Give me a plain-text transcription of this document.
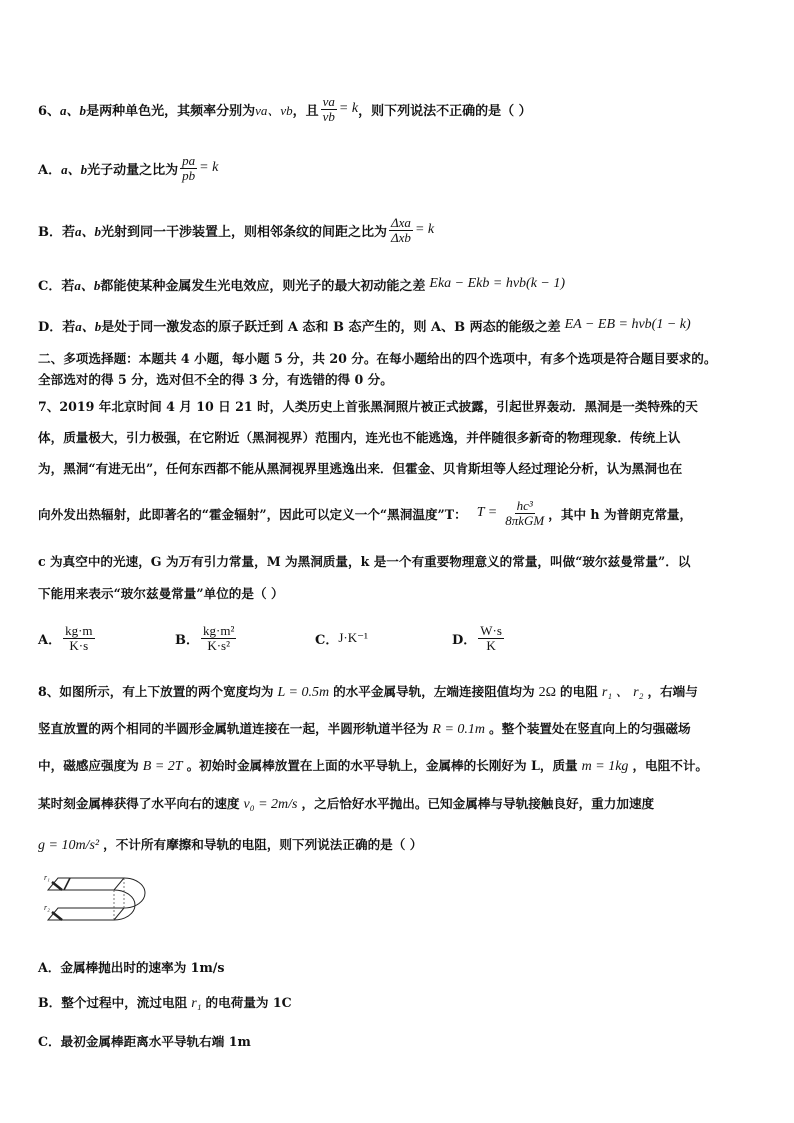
6、 a、b 是两种单色光，其频率分别为 νa、νb ，且 $\frac{\nu a}{\nu b} = k$ ，则下列说法不正确的是（ ）
A． a、b 光子动量之比为 $\frac{pa}{pb} = k$
B．若 a、b 光射到同一干涉装置上，则相邻条纹的间距之比为 $\frac{\text{Δxa}}{\text{Δxb}} = k$
C．若 a、b 都能使某种金属发生光电效应，则光子的最大初动能之差 Eka − Ekb = hνb(k − 1)
D．若 a、b 是处于同一激发态的原子跃迁到 A 态和 B 态产生的，则 A、B 两态的能级之差 EA − EB = hνb(1 − k)
二、多项选择题：本题共 4 小题，每小题 5 分，共 20 分。在每小题给出的四个选项中，有多个选项是符合题目要求的。
全部选对的得 5 分，选对但不全的得 3 分，有选错的得 0 分。
7、2019 年北京时间 4 月 10 日 21 时，人类历史上首张黑洞照片被正式披露，引起世界轰动．黑洞是一类特殊的天
体，质量极大，引力极强，在它附近（黑洞视界）范围内，连光也不能逃逸，并伴随很多新奇的物理现象．传统上认
为，黑洞“有进无出”，任何东西都不能从黑洞视界里逃逸出来．但霍金、贝肯斯坦等人经过理论分析，认为黑洞也在
向外发出热辐射，此即著名的“霍金辐射”，因此可以定义一个“黑洞温度”T： $T = \frac{\text{hc³}}{\text{8πkGM}}$ ，其中 h 为普朗克常量，
c 为真空中的光速，G 为万有引力常量，M 为黑洞质量，k 是一个有重要物理意义的常量，叫做“玻尔兹曼常量”．以
下能用来表示“玻尔兹曼常量”单位的是（ ）
A． $\frac{kg\cdot m}{K\cdot s}$	B． $\frac{\text{kg·m²}}{\text{K·s²}}$	C． J·K⁻¹	D． $\frac{W\cdot s}{K}$
8、如图所示，有上下放置的两个宽度均为 L = 0.5m 的水平金属导轨，左端连接阻值均为 2Ω 的电阻 r₁ 、 r₂ ，右端与
竖直放置的两个相同的半圆形金属轨道连接在一起，半圆形轨道半径为 R = 0.1m 。整个装置处在竖直向上的匀强磁场
中，磁感应强度为 B = 2T 。初始时金属棒放置在上面的水平导轨上，金属棒的长刚好为 L，质量 m = 1kg ，电阻不计。
某时刻金属棒获得了水平向右的速度 v₀ = 2m/s ，之后恰好水平抛出。已知金属棒与导轨接触良好，重力加速度
g = 10m/s² ，不计所有摩擦和导轨的电阻，则下列说法正确的是（ ）
r₁
r₂
A．金属棒抛出时的速率为 1m/s
B．整个过程中，流过电阻 r₁ 的电荷量为 1C
C．最初金属棒距离水平导轨右端 1m
